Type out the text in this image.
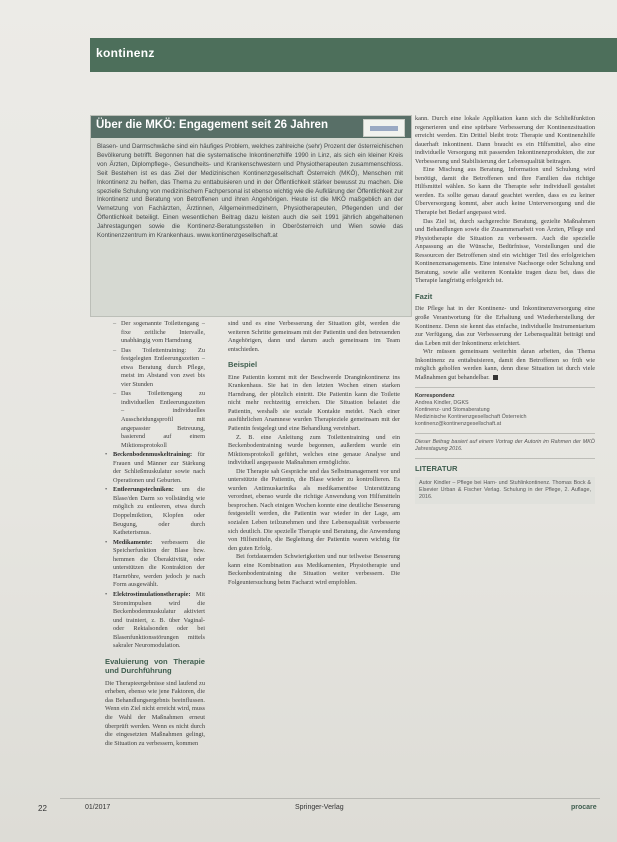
kontinenz
Über die MKÖ: Engagement seit 26 Jahren
Blasen- und Darmschwäche sind ein häufiges Problem, welches zahlreiche (sehr) Prozent der österreichischen Bevölkerung betrifft. Begonnen hat die systematische Inkontinenzhilfe 1990 in Linz, als sich ein kleiner Kreis von Ärzten, Diplompflege-, Gesundheits- und Krankenschwestern und Physiotherapeuten zusammenschloss. Seit Bestehen ist es das Ziel der Medizinischen Kontinenzgesellschaft Österreich (MKÖ), Menschen mit Inkontinenz zu helfen, das Thema zu enttabuisieren und in der Öffentlichkeit stärker bewusst zu machen. Die spezielle Schulung von medizinischem Fachpersonal ist ebenso wichtig wie die Aufklärung der Öffentlichkeit zur Inkontinenz und Beratung von Betroffenen und ihren Angehörigen. Heute ist die MKÖ maßgeblich an der Vernetzung von Fachärzten, Ärztinnen, Allgemeinmedizinern, Physiotherapeuten, Pflegenden und der Öffentlichkeit beteiligt. Einen wesentlichen Beitrag dazu leisten auch die seit 1991 jährlich abgehaltenen Jahrestagungen sowie die Kontinenz-Beratungsstellen in Oberösterreich und Wien sowie das Kontinenzzentrum im Krankenhaus. www.kontinenzgesellschaft.at
– Der sogenannte Toilettengang – fixe zeitliche Intervalle, unabhängig vom Harndrang
– Das Toilettentraining: Zu festgelegten Entleerungszeiten – etwa Beratung durch Pflege, meist im Abstand von zwei bis vier Stunden
– Das Toilettengang zu individuellen Entleerungszeiten – individuelles Ausscheidungsprofil mit angepasster Betreuung, basierend auf einem Miktionsprotokoll
• Beckenbodenmuskeltraining: für Frauen und Männer zur Stärkung der Schließmuskulatur sowie nach Operationen und Geburten.
• Entleerungstechniken: um die Blase/den Darm so vollständig wie möglich zu entleeren, etwa durch Doppelmiktion, Klopfen oder Beugung, oder durch Katheterismus.
• Medikamente: verbessern die Speicherfunktion der Blase bzw. hemmen die Überaktivität, oder unterstützen die Kontraktion der Harnröhre, werden jedoch je nach Form ausgewählt.
• Elektrostimulationstherapie: Mit Stromimpulsen wird die Beckenbodenmuskulatur aktiviert und trainiert, z. B. über Vaginal- oder Rektalsonden oder bei Blasenfunktionsstörungen mittels sakraler Neuromodulation.
Evaluierung von Therapie und Durchführung

Die Therapieergebnisse sind laufend zu erheben, ebenso wie jene Faktoren, die das Behandlungsergebnis beeinflussen. Wenn ein Ziel nicht erreicht wird, muss die Wahl der Maßnahmen erneut überprüft werden. Wenn es nicht durch die eingesetzten Maßnahmen gelingt, die Situation zu verbessern, kommen

sind und es eine Verbesserung der Situation gibt, werden die weiteren Schritte gemeinsam mit der Patientin und den betreuenden Angehörigen, dann und darum auch gemeinsam im Team entschieden.

Beispiel

Eine Patientin kommt mit der Beschwerde Dranginkontinenz ins Krankenhaus. Sie hat in den letzten Wochen einen starken Harndrang, der plötzlich eintritt. Die Patientin kann die Toilette nicht mehr rechtzeitig erreichen. Die Situation belastet die Patientin, weshalb sie soziale Kontakte meidet. Nach einer ausführlichen Anamnese wurden Therapieziele gemeinsam mit der Patientin festgelegt und eine Behandlung vereinbart.

Z. B. eine Anleitung zum Toilettentraining und ein Beckenbodentraining wurde begonnen, außerdem wurde ein Miktionsprotokoll geführt, welches eine genaue Analyse und individuell angepasste Maßnahmen ermöglichte.

Die Therapie sah Gespräche und das Selbstmanagement vor und unterstützte die Patientin, die Blase wieder zu kontrollieren. Es wurden Antimuskarinika als medikamentöse Unterstützung verordnet, ebenso wurde die richtige Anwendung von Hilfsmitteln besprochen. Nach einigen Wochen konnte eine deutliche Besserung festgestellt werden, die Patientin war wieder in der Lage, am sozialen Leben teilzunehmen und ihre Lebensqualität verbesserte sich deutlich. Die spezielle Therapie und Beratung, die Anwendung von Hilfsmitteln, die Begleitung der Patientin waren wichtig für den guten Erfolg.

Bei fortdauernden Schwierigkeiten und nur teilweise Besserung kann eine Kombination aus Medikamenten, Physiotherapie und Beckenbodentraining die Situation weiter verbessern. Die Folgeuntersuchung beim Facharzt wird empfohlen.

kann. Durch eine lokale Applikation kann sich die Schließfunktion regenerieren und eine spürbare Verbesserung der Kontinenzsituation erreicht werden. Ein Drittel bleibt trotz Therapie und Kontinenzhilfe dauerhaft inkontinent. Dann braucht es ein Hilfsmittel, also eine individuelle Versorgung mit passenden Inkontinenzprodukten, die zur Verbesserung und Stabilisierung der Lebensqualität beitragen.

Eine Mischung aus Beratung, Information und Schulung wird benötigt, damit die Betroffenen und ihre Familien das richtige Hilfsmittel wählen. So kann die Therapie sehr individuell gestaltet werden. Es sollte genau darauf geachtet werden, dass es zu keiner Überversorgung kommt, aber auch keine Unterversorgung und die Therapie bei Bedarf angepasst wird.

Das Ziel ist, durch sachgerechte Beratung, gezielte Maßnahmen und Behandlungen sowie die Zusammenarbeit von Ärzten, Pflege und Physiotherapie die Situation zu verbessern. Auch die spezielle Anpassung an die Wünsche, Bedürfnisse, Vorstellungen und die Ressourcen der Betroffenen sind ein wichtiger Teil des erfolgreichen Kontinenzmanagements. Eine intensive Nachsorge oder Schulung und Beratung, sowie alle weiteren Kontakte tragen dazu bei, dass die Therapie langfristig erfolgreich ist.

Fazit

Die Pflege hat in der Kontinenz- und Inkontinenzversorgung eine große Verantwortung für die Erhaltung und Wiederherstellung der Kontinenz. Denn sie kennt das einfache, individuelle Instrumentarium zur Verfügung, das zur Verbesserung der Lebensqualität beiträgt und das Leben mit der Inkontinenz erleichtert.

Wir müssen gemeinsam weiterhin daran arbeiten, das Thema Inkontinenz zu enttabuisieren, damit den Betroffenen so früh wie möglich geholfen werden kann, denn diese Situation ist durch viele Maßnahmen gut behandelbar.

Korrespondenz
Andrea Kindler, DGKS
Kontinenz- und Stomaberatung
Medizinische Kontinenzgesellschaft Österreich
kontinenz@kontinenzgesellschaft.at
Dieser Beitrag basiert auf einem Vortrag der Autorin im Rahmen der MKÖ Jahrestagung 2016.
LITERATUR
Autor Kindler – Pflege bei Harn- und Stuhlinkontinenz. Thomas Bock & Elsevier Urban & Fischer Verlag. Schulung in der Pflege, 2. Auflage, 2016.
22	01/2017	Springer-Verlag	procare
